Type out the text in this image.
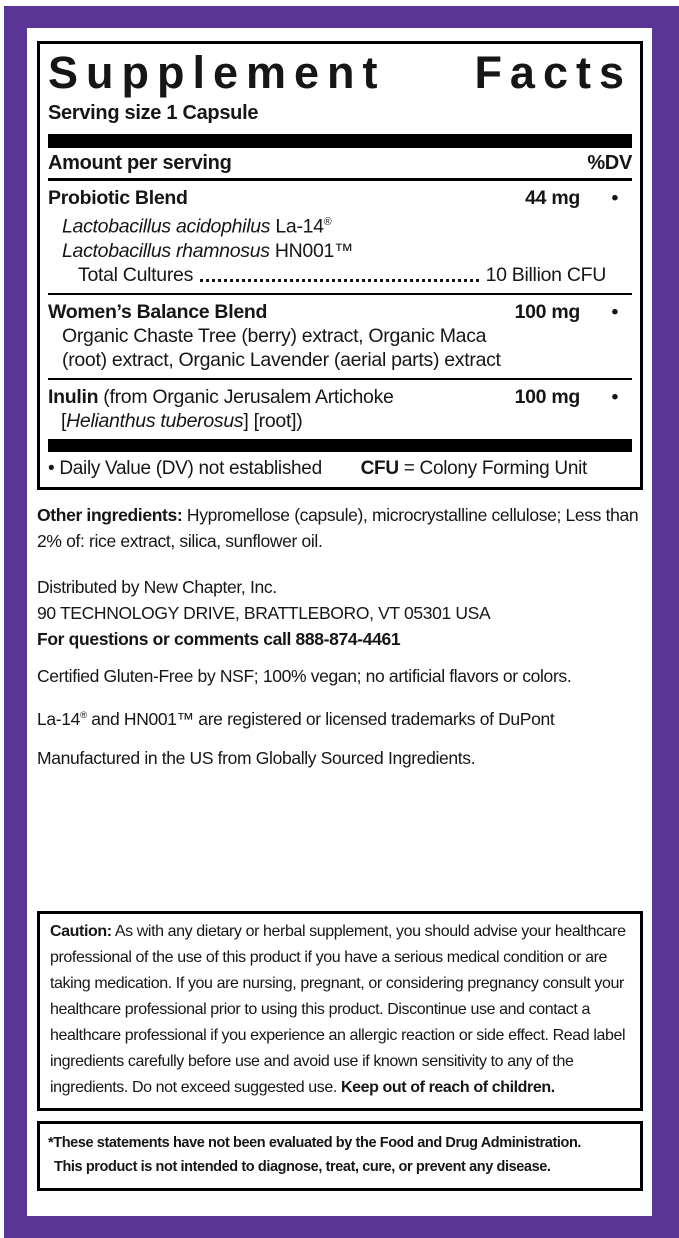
Supplement Facts
Serving size 1 Capsule
Amount per serving	%DV
Probiotic Blend	44 mg	•
Lactobacillus acidophilus La-14®
Lactobacillus rhamnosus HN001™
Total Cultures	10 Billion CFU
Women’s Balance Blend	100 mg	•
Organic Chaste Tree (berry) extract, Organic Maca
(root) extract, Organic Lavender (aerial parts) extract
Inulin (from Organic Jerusalem Artichoke	100 mg	•
[Helianthus tuberosus] [root])
• Daily Value (DV) not established	CFU = Colony Forming Unit

Other ingredients: Hypromellose (capsule), microcrystalline cellulose; Less than 2% of: rice extract, silica, sunflower oil.

Distributed by New Chapter, Inc.
90 TECHNOLOGY DRIVE, BRATTLEBORO, VT 05301 USA
For questions or comments call 888-874-4461

Certified Gluten-Free by NSF; 100% vegan; no artificial flavors or colors.

La-14® and HN001™ are registered or licensed trademarks of DuPont

Manufactured in the US from Globally Sourced Ingredients.

Caution: As with any dietary or herbal supplement, you should advise your healthcare professional of the use of this product if you have a serious medical condition or are taking medication. If you are nursing, pregnant, or considering pregnancy consult your healthcare professional prior to using this product. Discontinue use and contact a healthcare professional if you experience an allergic reaction or side effect. Read label ingredients carefully before use and avoid use if known sensitivity to any of the ingredients. Do not exceed suggested use. Keep out of reach of children.
*These statements have not been evaluated by the Food and Drug Administration.
This product is not intended to diagnose, treat, cure, or prevent any disease.
